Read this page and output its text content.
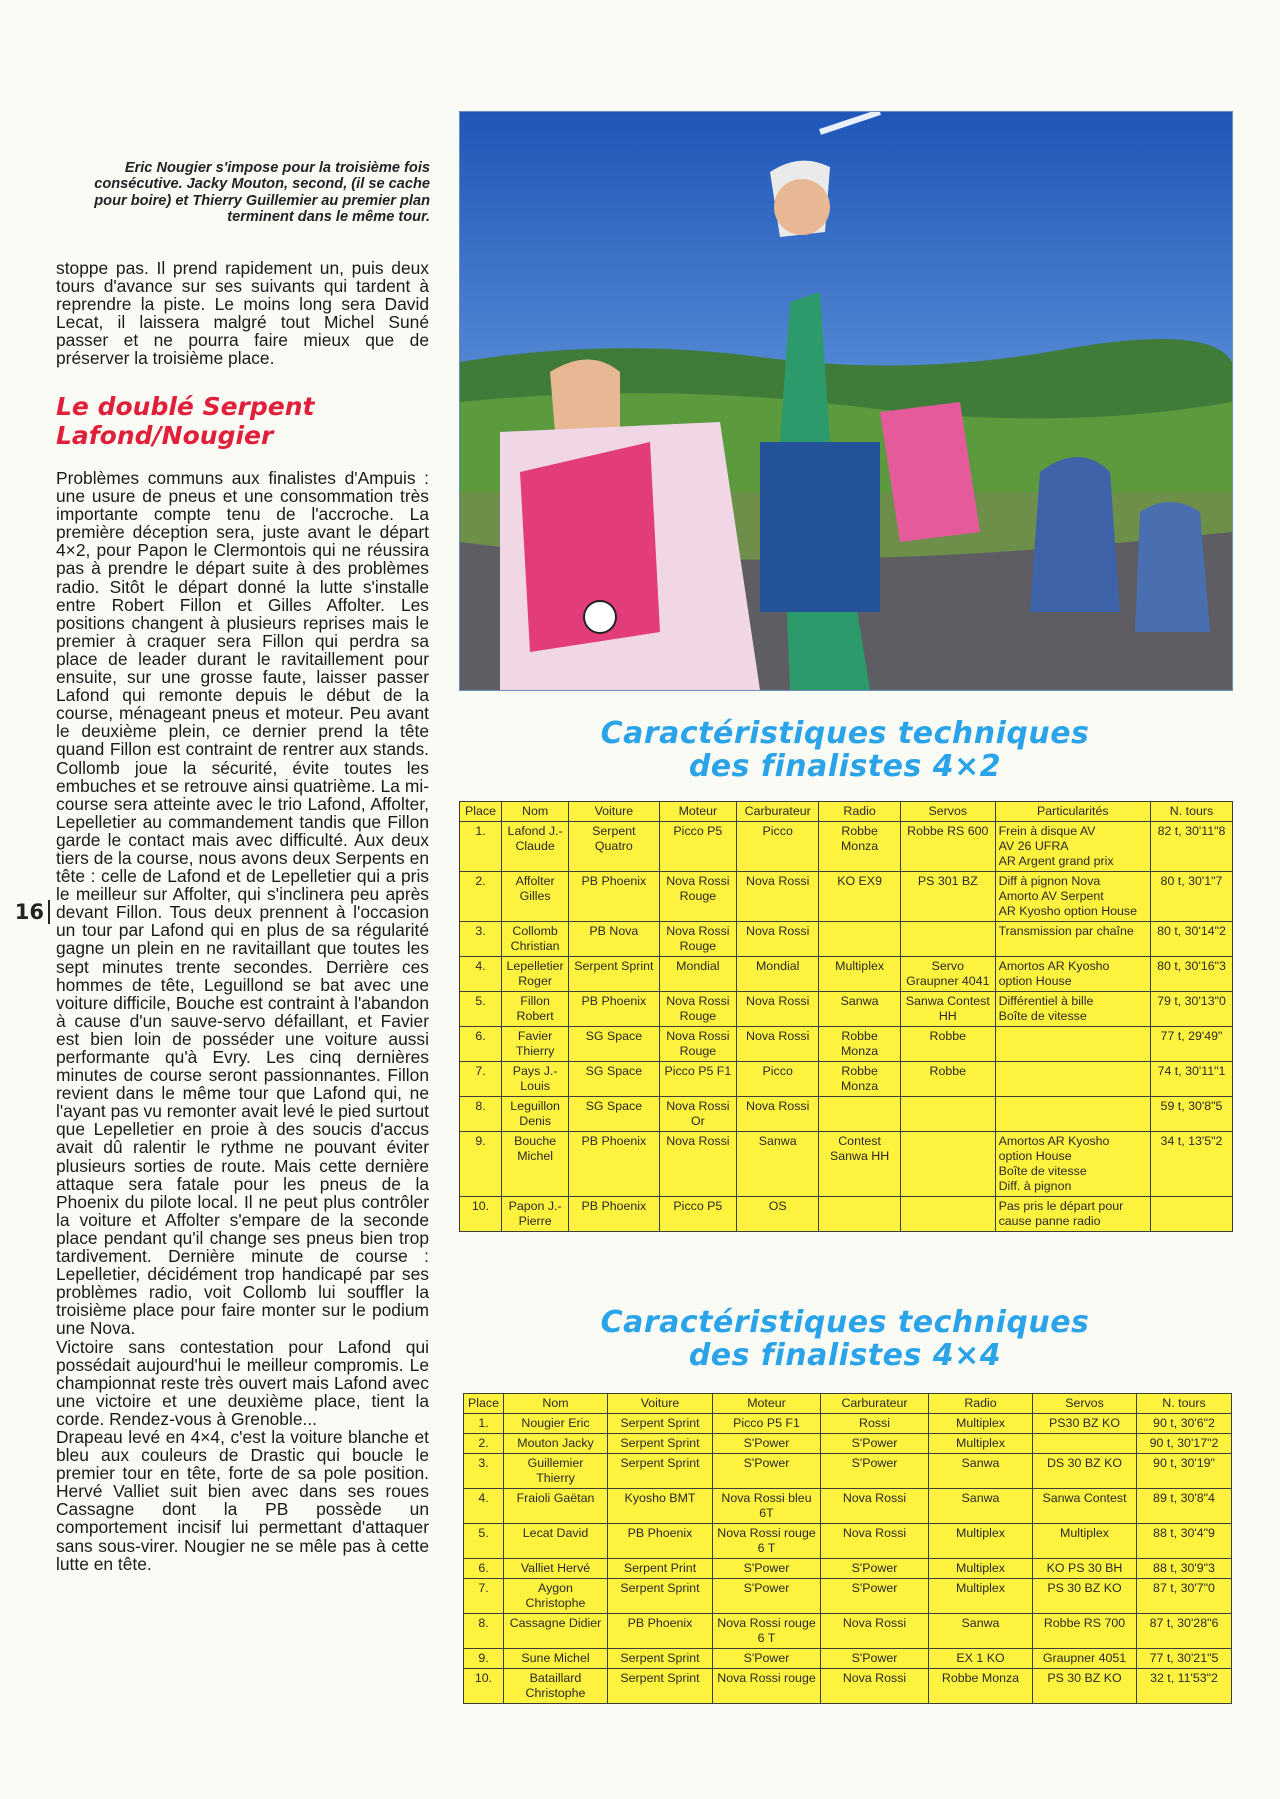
Eric Nougier s'impose pour la troisième fois consécutive. Jacky Mouton, second, (il se cache pour boire) et Thierry Guillemier au premier plan terminent dans le même tour.

stoppe pas. Il prend rapidement un, puis deux tours d'avance sur ses suivants qui tardent à reprendre la piste. Le moins long sera David Lecat, il laissera malgré tout Michel Suné passer et ne pourra faire mieux que de préserver la troisième place.

Le doublé Serpent
Lafond/Nougier

Problèmes communs aux finalistes d'Ampuis : une usure de pneus et une consommation très importante compte tenu de l'accroche. La première déception sera, juste avant le départ 4×2, pour Papon le Clermontois qui ne réussira pas à prendre le départ suite à des problèmes radio. Sitôt le départ donné la lutte s'installe entre Robert Fillon et Gilles Affolter. Les positions changent à plusieurs reprises mais le premier à craquer sera Fillon qui perdra sa place de leader durant le ravitaillement pour ensuite, sur une grosse faute, laisser passer Lafond qui remonte depuis le début de la course, ménageant pneus et moteur. Peu avant le deuxième plein, ce dernier prend la tête quand Fillon est contraint de rentrer aux stands. Collomb joue la sécurité, évite toutes les embuches et se retrouve ainsi quatrième. La mi-course sera atteinte avec le trio Lafond, Affolter, Lepelletier au commandement tandis que Fillon garde le contact mais avec difficulté. Aux deux tiers de la course, nous avons deux Serpents en tête : celle de Lafond et de Lepelletier qui a pris le meilleur sur Affolter, qui s'inclinera peu après devant Fillon. Tous deux prennent à l'occasion un tour par Lafond qui en plus de sa régularité gagne un plein en ne ravitaillant que toutes les sept minutes trente secondes. Derrière ces hommes de tête, Leguillond se bat avec une voiture difficile, Bouche est contraint à l'abandon à cause d'un sauve-servo défaillant, et Favier est bien loin de posséder une voiture aussi performante qu'à Evry. Les cinq dernières minutes de course seront passionnantes. Fillon revient dans le même tour que Lafond qui, ne l'ayant pas vu remonter avait levé le pied surtout que Lepelletier en proie à des soucis d'accus avait dû ralentir le rythme ne pouvant éviter plusieurs sorties de route. Mais cette dernière attaque sera fatale pour les pneus de la Phoenix du pilote local. Il ne peut plus contrôler la voiture et Affolter s'empare de la seconde place pendant qu'il change ses pneus bien trop tardivement. Dernière minute de course : Lepelletier, décidément trop handicapé par ses problèmes radio, voit Collomb lui souffler la troisième place pour faire monter sur le podium une Nova.

Victoire sans contestation pour Lafond qui possédait aujourd'hui le meilleur compromis. Le championnat reste très ouvert mais Lafond avec une victoire et une deuxième place, tient la corde. Rendez-vous à Grenoble...

Drapeau levé en 4×4, c'est la voiture blanche et bleu aux couleurs de Drastic qui boucle le premier tour en tête, forte de sa pole position. Hervé Valliet suit bien avec dans ses roues Cassagne dont la PB possède un comportement incisif lui permettant d'attaquer sans sous-virer. Nougier ne se mêle pas à cette lutte en tête.

16
Caractéristiques techniques
des finalistes 4×2
Place	Nom	Voiture	Moteur	Carburateur	Radio	Servos	Particularités	N. tours
1.	Lafond J.-Claude	Serpent Quatro	Picco P5	Picco	Robbe Monza	Robbe RS 600	Frein à disque AV
AV 26 UFRA
AR Argent grand prix	82 t, 30'11"8
2.	Affolter Gilles	PB Phoenix	Nova Rossi Rouge	Nova Rossi	KO EX9	PS 301 BZ	Diff à pignon Nova
Amorto AV Serpent
AR Kyosho option House	80 t, 30'1"7
3.	Collomb Christian	PB Nova	Nova Rossi Rouge	Nova Rossi			Transmission par chaîne	80 t, 30'14"2
4.	Lepelletier Roger	Serpent Sprint	Mondial	Mondial	Multiplex	Servo Graupner 4041	Amortos AR Kyosho
option House	80 t, 30'16"3
5.	Fillon Robert	PB Phoenix	Nova Rossi Rouge	Nova Rossi	Sanwa	Sanwa Contest HH	Différentiel à bille
Boîte de vitesse	79 t, 30'13"0
6.	Favier Thierry	SG Space	Nova Rossi Rouge	Nova Rossi	Robbe Monza	Robbe		77 t, 29'49"
7.	Pays J.-Louis	SG Space	Picco P5 F1	Picco	Robbe Monza	Robbe		74 t, 30'11"1
8.	Leguillon Denis	SG Space	Nova Rossi Or	Nova Rossi				59 t, 30'8"5
9.	Bouche Michel	PB Phoenix	Nova Rossi	Sanwa	Contest Sanwa HH		Amortos AR Kyosho
option House
Boîte de vitesse
Diff. à pignon	34 t, 13'5"2
10.	Papon J.-Pierre	PB Phoenix	Picco P5	OS			Pas pris le départ pour
cause panne radio	
Caractéristiques techniques
des finalistes 4×4
Place	Nom	Voiture	Moteur	Carburateur	Radio	Servos	N. tours
1.	Nougier Eric	Serpent Sprint	Picco P5 F1	Rossi	Multiplex	PS30 BZ KO	90 t, 30'6"2
2.	Mouton Jacky	Serpent Sprint	S'Power	S'Power	Multiplex		90 t, 30'17"2
3.	Guillemier Thierry	Serpent Sprint	S'Power	S'Power	Sanwa	DS 30 BZ KO	90 t, 30'19"
4.	Fraioli Gaëtan	Kyosho BMT	Nova Rossi bleu 6T	Nova Rossi	Sanwa	Sanwa Contest	89 t, 30'8"4
5.	Lecat David	PB Phoenix	Nova Rossi rouge 6 T	Nova Rossi	Multiplex	Multiplex	88 t, 30'4"9
6.	Valliet Hervé	Serpent Print	S'Power	S'Power	Multiplex	KO PS 30 BH	88 t, 30'9"3
7.	Aygon Christophe	Serpent Sprint	S'Power	S'Power	Multiplex	PS 30 BZ KO	87 t, 30'7"0
8.	Cassagne Didier	PB Phoenix	Nova Rossi rouge 6 T	Nova Rossi	Sanwa	Robbe RS 700	87 t, 30'28"6
9.	Sune Michel	Serpent Sprint	S'Power	S'Power	EX 1 KO	Graupner 4051	77 t, 30'21"5
10.	Bataillard Christophe	Serpent Sprint	Nova Rossi rouge	Nova Rossi	Robbe Monza	PS 30 BZ KO	32 t, 11'53"2
